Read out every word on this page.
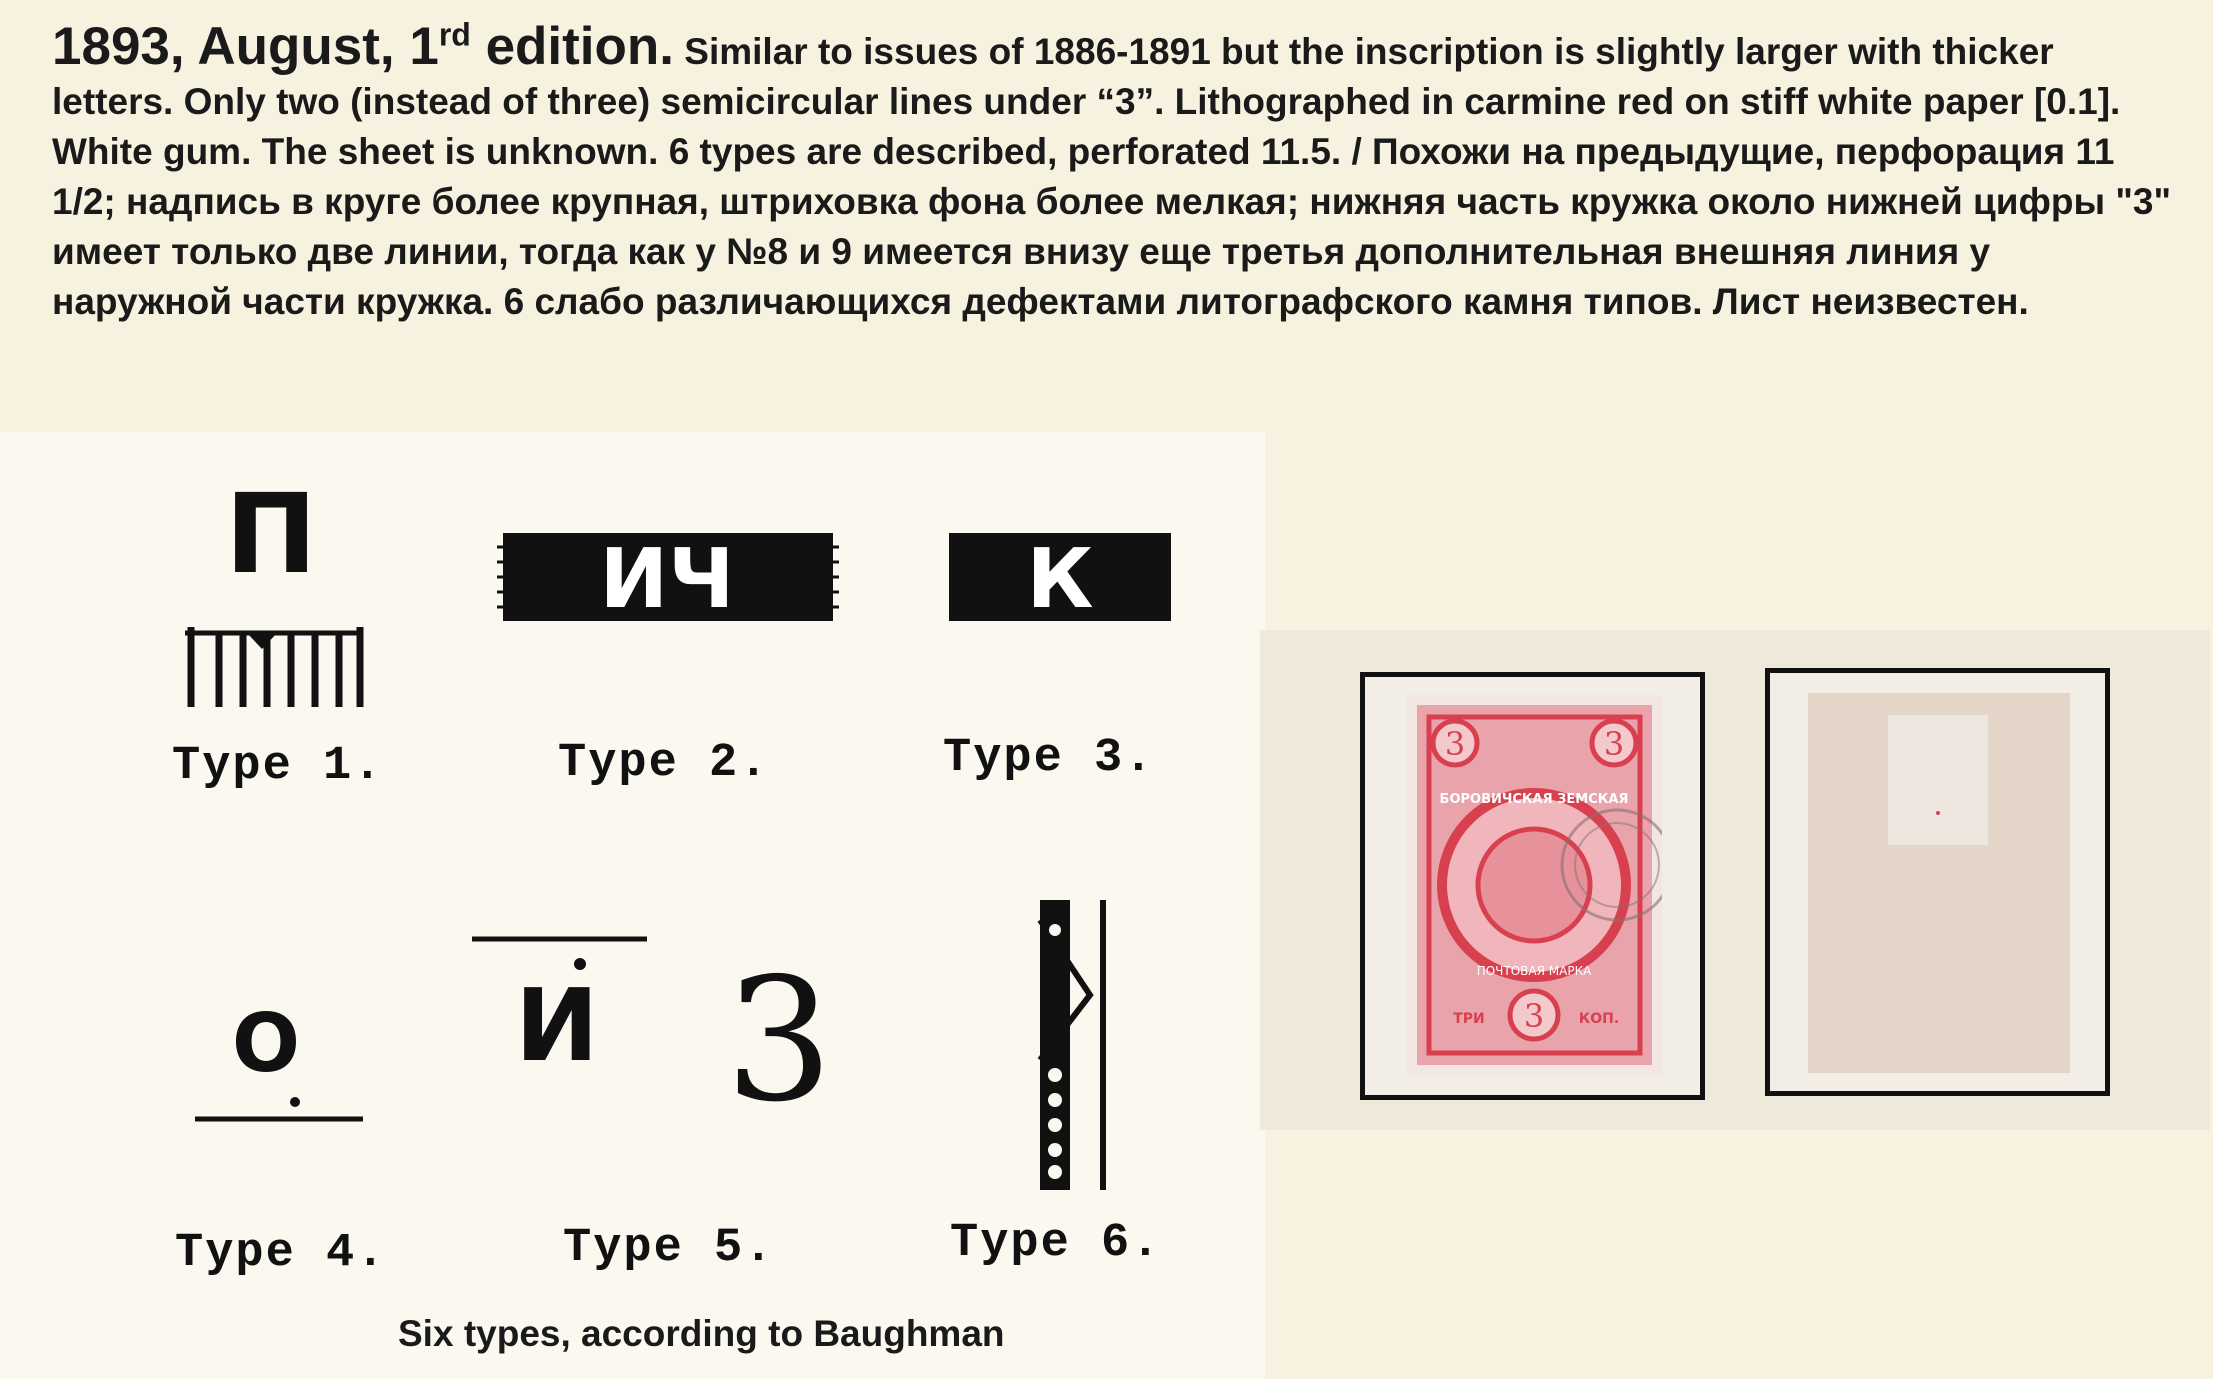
1893, August, 1rd edition. Similar to issues of 1886-1891 but the inscription is slightly larger with thicker letters. Only two (instead of three) semicircular lines under “3”. Lithographed in carmine red on stiff white paper [0.1]. White gum. The sheet is unknown. 6 types are described, perforated 11.5. / Похожи на предыдущие, перфорация 11 1/2; надпись в круге более крупная, штриховка фона более мелкая; нижняя часть кружка около нижней цифры "3" имеет только две линии, тогда как у №8 и 9 имеется внизу еще третья дополнительная внешняя линия у наружной части кружка. 6 слабо различающихся дефектами литографского камня типов. Лист неизвестен.

П
Type 1.
ИЧ
Type 2.
К
Type 3.
О
Type 4.
И 3
Type 5.	Type 6.
Six types, according to Baughman
3	3
3
БОРОВИЧСКАЯ ЗЕМСКАЯ
ПОЧТОВАЯ МАРКА
ТРИ	КОП.
